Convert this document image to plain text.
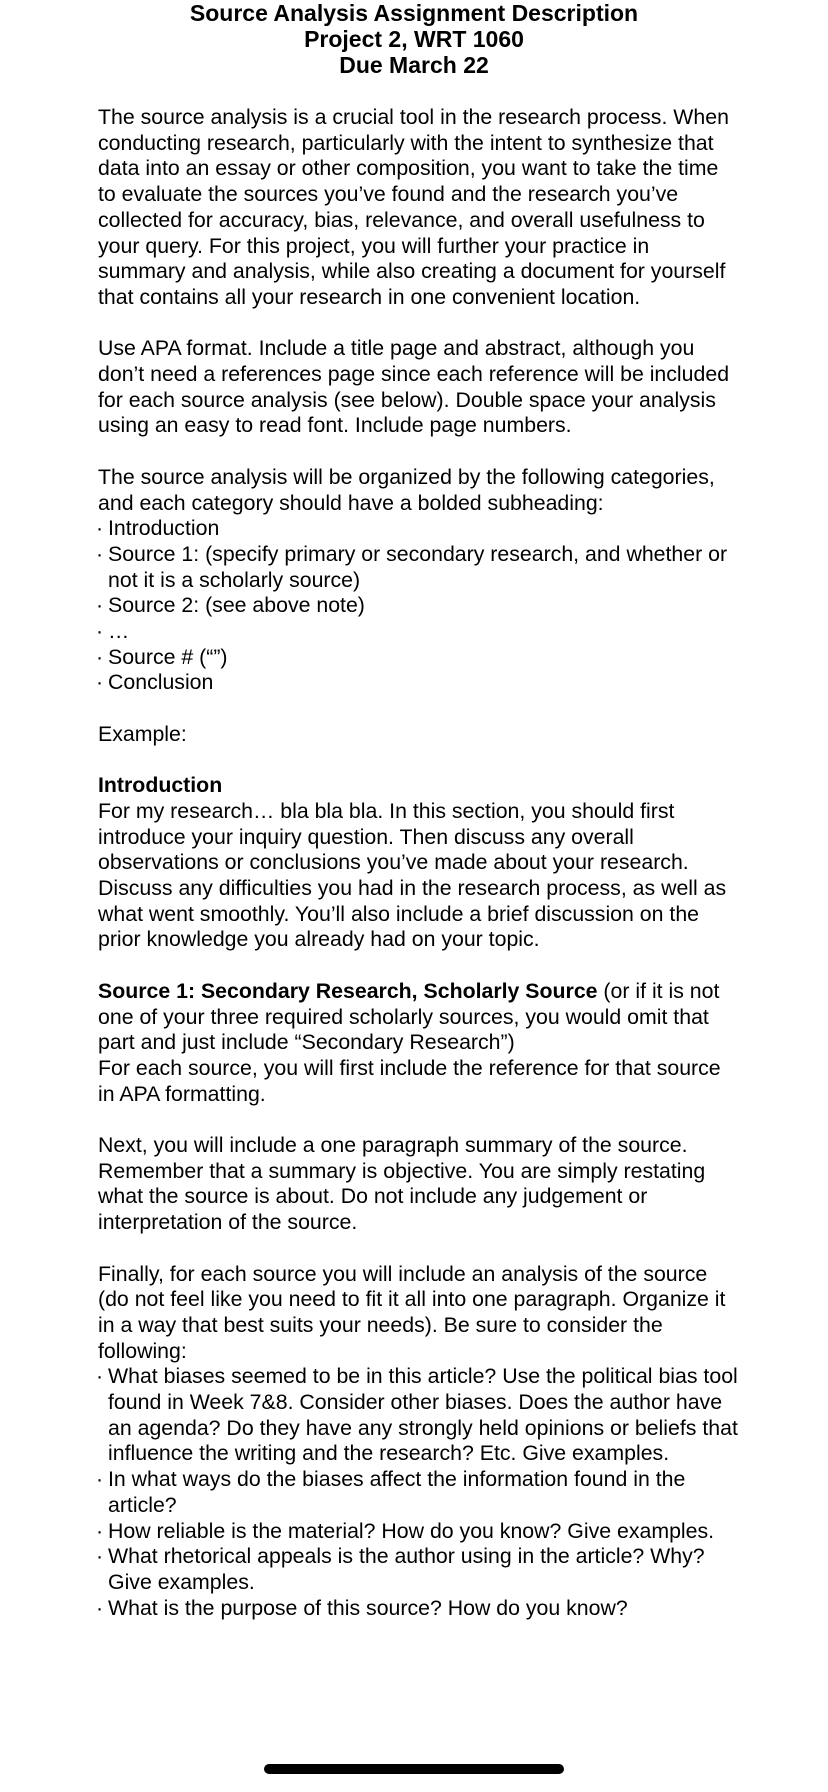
Source Analysis Assignment Description
Project 2, WRT 1060
Due March 22

The source analysis is a crucial tool in the research process. When conducting research, particularly with the intent to synthesize that data into an essay or other composition, you want to take the time to evaluate the sources you’ve found and the research you’ve collected for accuracy, bias, relevance, and overall usefulness to your query. For this project, you will further your practice in summary and analysis, while also creating a document for yourself that contains all your research in one convenient location.

Use APA format. Include a title page and abstract, although you don’t need a references page since each reference will be included for each source analysis (see below). Double space your analysis using an easy to read font. Include page numbers.

The source analysis will be organized by the following categories, and each category should have a bolded subheading:

· Introduction
· Source 1: (specify primary or secondary research, and whether or not it is a scholarly source)
· Source 2: (see above note)
· …
· Source # (“”)
· Conclusion

Example:

Introduction

For my research… bla bla bla. In this section, you should first introduce your inquiry question. Then discuss any overall observations or conclusions you’ve made about your research. Discuss any difficulties you had in the research process, as well as what went smoothly. You’ll also include a brief discussion on the prior knowledge you already had on your topic.

Source 1: Secondary Research, Scholarly Source (or if it is not one of your three required scholarly sources, you would omit that part and just include “Secondary Research”)

For each source, you will first include the reference for that source in APA formatting.

Next, you will include a one paragraph summary of the source. Remember that a summary is objective. You are simply restating what the source is about. Do not include any judgement or interpretation of the source.

Finally, for each source you will include an analysis of the source (do not feel like you need to fit it all into one paragraph. Organize it in a way that best suits your needs). Be sure to consider the following:

· What biases seemed to be in this article? Use the political bias tool found in Week 7&8. Consider other biases. Does the author have an agenda? Do they have any strongly held opinions or beliefs that influence the writing and the research? Etc. Give examples.
· In what ways do the biases affect the information found in the article?
· How reliable is the material? How do you know? Give examples.
· What rhetorical appeals is the author using in the article? Why? Give examples.
· What is the purpose of this source? How do you know?
